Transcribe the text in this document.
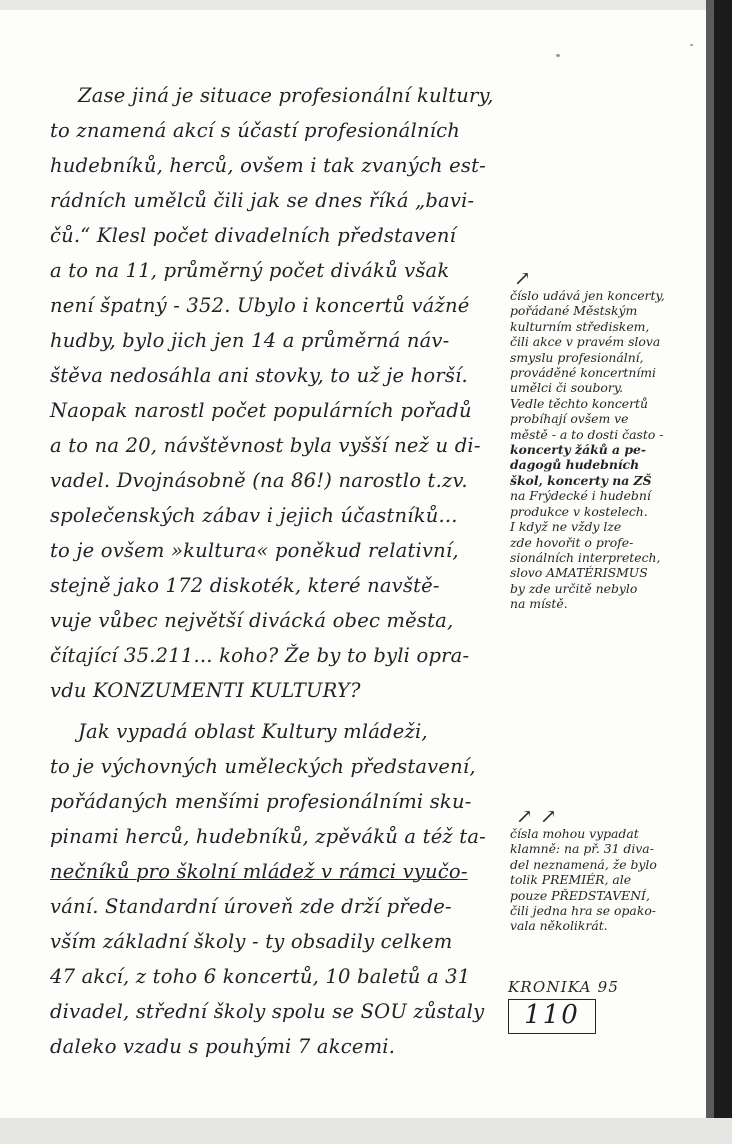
Zase jiná je situace profesionální kultury,
to znamená akcí s účastí profesionálních
hudebníků, herců, ovšem i tak zvaných est-
rádních umělců čili jak se dnes říká „bavi-
čů.“ Klesl počet divadelních představení
a to na 11, průměrný počet diváků však
není špatný - 352. Ubylo i koncertů vážné
hudby, bylo jich jen 14 a průměrná náv-
štěva nedosáhla ani stovky, to už je horší.
Naopak narostl počet populárních pořadů
a to na 20, návštěvnost byla vyšší než u di-
vadel. Dvojnásobně (na 86!) narostlo t.zv.
společenských zábav i jejich účastníků...
to je ovšem »kultura« poněkud relativní,
stejně jako 172 diskoték, které navště-
vuje vůbec největší divácká obec města,
čítající 35.211... koho? Že by to byli opra-
vdu KONZUMENTI KULTURY?
Jak vypadá oblast Kultury mládeži,
to je výchovných uměleckých představení,
pořádaných menšími profesionálními sku-
pinami herců, hudebníků, zpěváků a též ta-
nečníků pro školní mládež v rámci vyučo-
vání. Standardní úroveň zde drží přede-
vším základní školy - ty obsadily celkem
47 akcí, z toho 6 koncertů, 10 baletů a 31
divadel, střední školy spolu se SOU zůstaly
daleko vzadu s pouhými 7 akcemi.
↗
číslo udává jen koncerty,
pořádané Městským
kulturním střediskem,
čili akce v pravém slova
smyslu profesionální,
prováděné koncertními
umělci či soubory.
Vedle těchto koncertů
probíhají ovšem ve
městě - a to dosti často -
koncerty žáků a pe-
dagogů hudebních
škol, koncerty na ZŠ
na Frýdecké i hudební
produkce v kostelech.
I když ne vždy lze
zde hovořit o profe-
sionálních interpretech,
slovo AMATÉRISMUS
by zde určitě nebylo
na místě.
↗ ↗
čísla mohou vypadat
klamně: na př. 31 diva-
del neznamená, že bylo
tolik PREMIÉR, ale
pouze PŘEDSTAVENÍ,
čili jedna hra se opako-
vala několikrát.
KRONIKA 95
110
